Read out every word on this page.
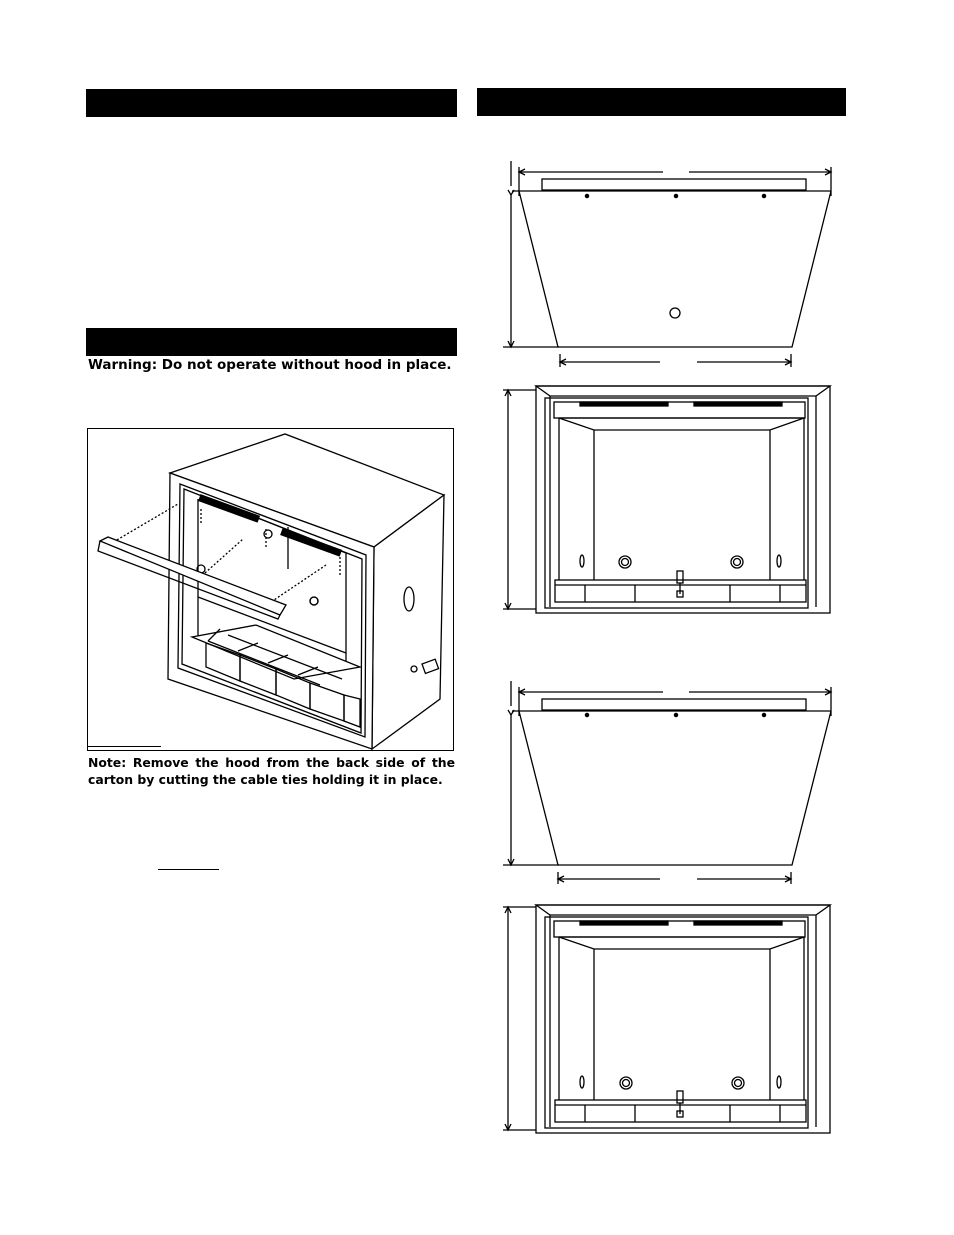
Warning: Do not operate without hood in place.
Note: Remove the hood from the back side of the carton by cutting the cable ties holding it in place.
